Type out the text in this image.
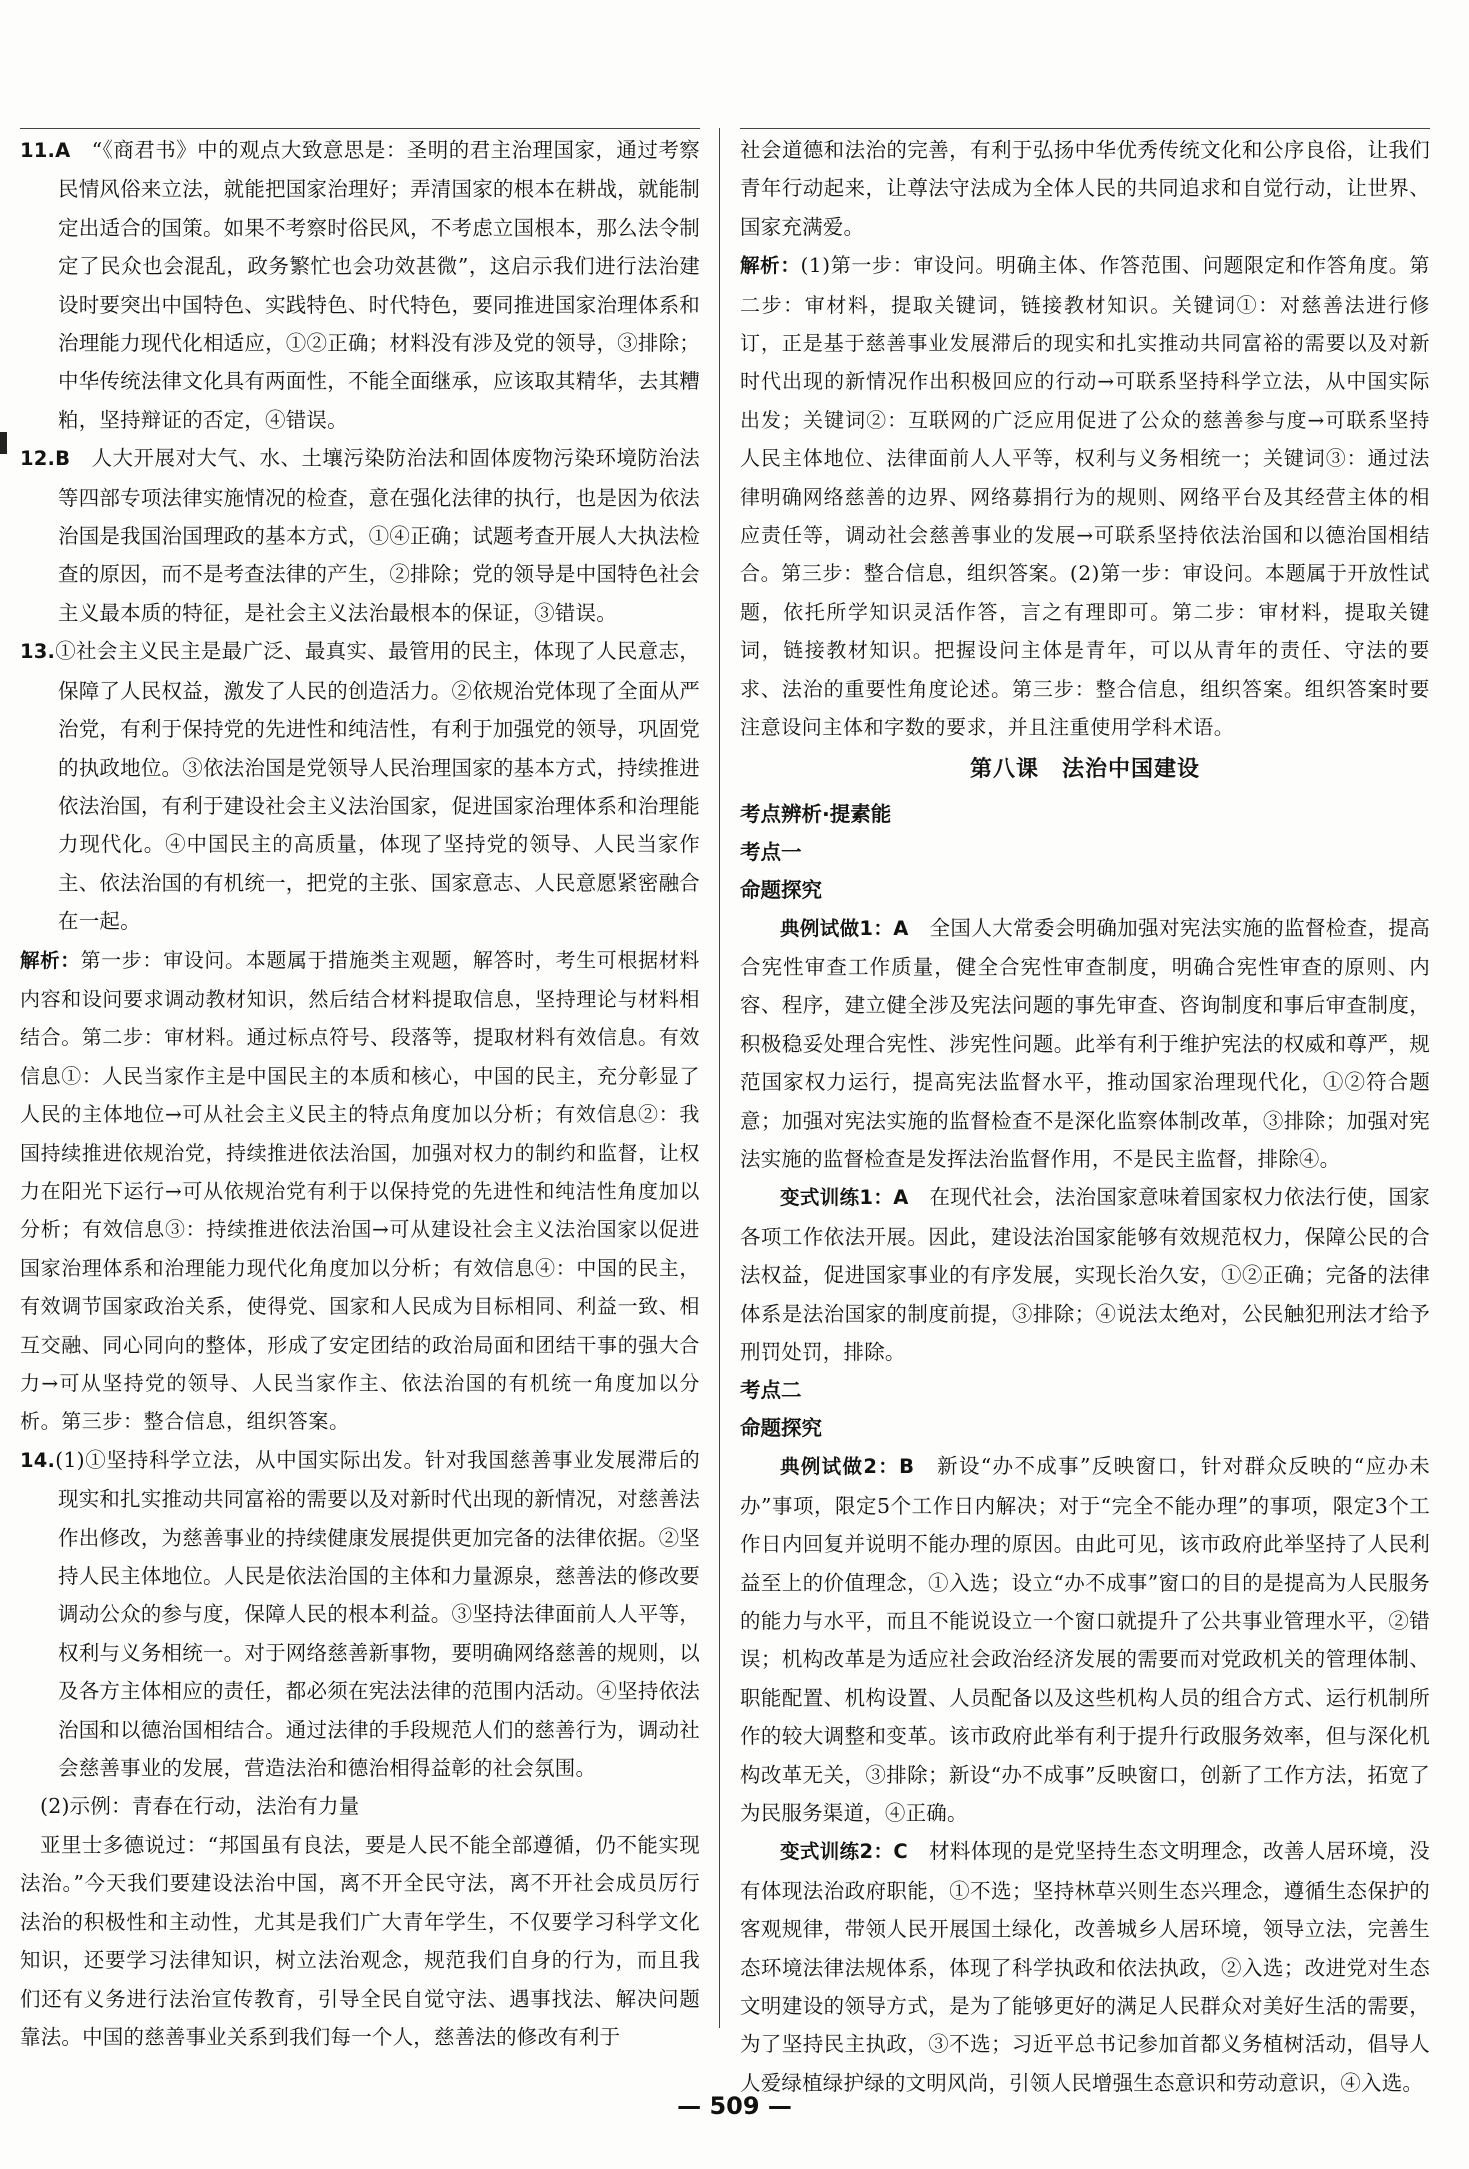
11.A　“《商君书》中的观点大致意思是：圣明的君主治理国家，通过考察民情风俗来立法，就能把国家治理好；弄清国家的根本在耕战，就能制定出适合的国策。如果不考察时俗民风，不考虑立国根本，那么法令制定了民众也会混乱，政务繁忙也会功效甚微”，这启示我们进行法治建设时要突出中国特色、实践特色、时代特色，要同推进国家治理体系和治理能力现代化相适应，①②正确；材料没有涉及党的领导，③排除；中华传统法律文化具有两面性，不能全面继承，应该取其精华，去其糟粕，坚持辩证的否定，④错误。

12.B　人大开展对大气、水、土壤污染防治法和固体废物污染环境防治法等四部专项法律实施情况的检查，意在强化法律的执行，也是因为依法治国是我国治国理政的基本方式，①④正确；试题考查开展人大执法检查的原因，而不是考查法律的产生，②排除；党的领导是中国特色社会主义最本质的特征，是社会主义法治最根本的保证，③错误。

13.①社会主义民主是最广泛、最真实、最管用的民主，体现了人民意志，保障了人民权益，激发了人民的创造活力。②依规治党体现了全面从严治党，有利于保持党的先进性和纯洁性，有利于加强党的领导，巩固党的执政地位。③依法治国是党领导人民治理国家的基本方式，持续推进依法治国，有利于建设社会主义法治国家，促进国家治理体系和治理能力现代化。④中国民主的高质量，体现了坚持党的领导、人民当家作主、依法治国的有机统一，把党的主张、国家意志、人民意愿紧密融合在一起。

解析：第一步：审设问。本题属于措施类主观题，解答时，考生可根据材料内容和设问要求调动教材知识，然后结合材料提取信息，坚持理论与材料相结合。第二步：审材料。通过标点符号、段落等，提取材料有效信息。有效信息①：人民当家作主是中国民主的本质和核心，中国的民主，充分彰显了人民的主体地位→可从社会主义民主的特点角度加以分析；有效信息②：我国持续推进依规治党，持续推进依法治国，加强对权力的制约和监督，让权力在阳光下运行→可从依规治党有利于以保持党的先进性和纯洁性角度加以分析；有效信息③：持续推进依法治国→可从建设社会主义法治国家以促进国家治理体系和治理能力现代化角度加以分析；有效信息④：中国的民主，有效调节国家政治关系，使得党、国家和人民成为目标相同、利益一致、相互交融、同心同向的整体，形成了安定团结的政治局面和团结干事的强大合力→可从坚持党的领导、人民当家作主、依法治国的有机统一角度加以分析。第三步：整合信息，组织答案。

14.(1)①坚持科学立法，从中国实际出发。针对我国慈善事业发展滞后的现实和扎实推动共同富裕的需要以及对新时代出现的新情况，对慈善法作出修改，为慈善事业的持续健康发展提供更加完备的法律依据。②坚持人民主体地位。人民是依法治国的主体和力量源泉，慈善法的修改要调动公众的参与度，保障人民的根本利益。③坚持法律面前人人平等，权利与义务相统一。对于网络慈善新事物，要明确网络慈善的规则，以及各方主体相应的责任，都必须在宪法法律的范围内活动。④坚持依法治国和以德治国相结合。通过法律的手段规范人们的慈善行为，调动社会慈善事业的发展，营造法治和德治相得益彰的社会氛围。

(2)示例：青春在行动，法治有力量

亚里士多德说过：“邦国虽有良法，要是人民不能全部遵循，仍不能实现法治。”今天我们要建设法治中国，离不开全民守法，离不开社会成员厉行法治的积极性和主动性，尤其是我们广大青年学生，不仅要学习科学文化知识，还要学习法律知识，树立法治观念，规范我们自身的行为，而且我们还有义务进行法治宣传教育，引导全民自觉守法、遇事找法、解决问题靠法。中国的慈善事业关系到我们每一个人，慈善法的修改有利于

社会道德和法治的完善，有利于弘扬中华优秀传统文化和公序良俗，让我们青年行动起来，让尊法守法成为全体人民的共同追求和自觉行动，让世界、国家充满爱。

解析：(1)第一步：审设问。明确主体、作答范围、问题限定和作答角度。第二步：审材料，提取关键词，链接教材知识。关键词①：对慈善法进行修订，正是基于慈善事业发展滞后的现实和扎实推动共同富裕的需要以及对新时代出现的新情况作出积极回应的行动→可联系坚持科学立法，从中国实际出发；关键词②：互联网的广泛应用促进了公众的慈善参与度→可联系坚持人民主体地位、法律面前人人平等，权利与义务相统一；关键词③：通过法律明确网络慈善的边界、网络募捐行为的规则、网络平台及其经营主体的相应责任等，调动社会慈善事业的发展→可联系坚持依法治国和以德治国相结合。第三步：整合信息，组织答案。(2)第一步：审设问。本题属于开放性试题，依托所学知识灵活作答，言之有理即可。第二步：审材料，提取关键词，链接教材知识。把握设问主体是青年，可以从青年的责任、守法的要求、法治的重要性角度论述。第三步：整合信息，组织答案。组织答案时要注意设问主体和字数的要求，并且注重使用学科术语。

第八课　法治中国建设
考点辨析·提素能
考点一
命题探究

典例试做1：A　全国人大常委会明确加强对宪法实施的监督检查，提高合宪性审查工作质量，健全合宪性审查制度，明确合宪性审查的原则、内容、程序，建立健全涉及宪法问题的事先审查、咨询制度和事后审查制度，积极稳妥处理合宪性、涉宪性问题。此举有利于维护宪法的权威和尊严，规范国家权力运行，提高宪法监督水平，推动国家治理现代化，①②符合题意；加强对宪法实施的监督检查不是深化监察体制改革，③排除；加强对宪法实施的监督检查是发挥法治监督作用，不是民主监督，排除④。

变式训练1：A　在现代社会，法治国家意味着国家权力依法行使，国家各项工作依法开展。因此，建设法治国家能够有效规范权力，保障公民的合法权益，促进国家事业的有序发展，实现长治久安，①②正确；完备的法律体系是法治国家的制度前提，③排除；④说法太绝对，公民触犯刑法才给予刑罚处罚，排除。

考点二
命题探究

典例试做2：B　新设“办不成事”反映窗口，针对群众反映的“应办未办”事项，限定5个工作日内解决；对于“完全不能办理”的事项，限定3个工作日内回复并说明不能办理的原因。由此可见，该市政府此举坚持了人民利益至上的价值理念，①入选；设立“办不成事”窗口的目的是提高为人民服务的能力与水平，而且不能说设立一个窗口就提升了公共事业管理水平，②错误；机构改革是为适应社会政治经济发展的需要而对党政机关的管理体制、职能配置、机构设置、人员配备以及这些机构人员的组合方式、运行机制所作的较大调整和变革。该市政府此举有利于提升行政服务效率，但与深化机构改革无关，③排除；新设“办不成事”反映窗口，创新了工作方法，拓宽了为民服务渠道，④正确。

变式训练2：C　材料体现的是党坚持生态文明理念，改善人居环境，没有体现法治政府职能，①不选；坚持林草兴则生态兴理念，遵循生态保护的客观规律，带领人民开展国土绿化，改善城乡人居环境，领导立法，完善生态环境法律法规体系，体现了科学执政和依法执政，②入选；改进党对生态文明建设的领导方式，是为了能够更好的满足人民群众对美好生活的需要，为了坚持民主执政，③不选；习近平总书记参加首都义务植树活动，倡导人人爱绿植绿护绿的文明风尚，引领人民增强生态意识和劳动意识，④入选。

— 509 —
